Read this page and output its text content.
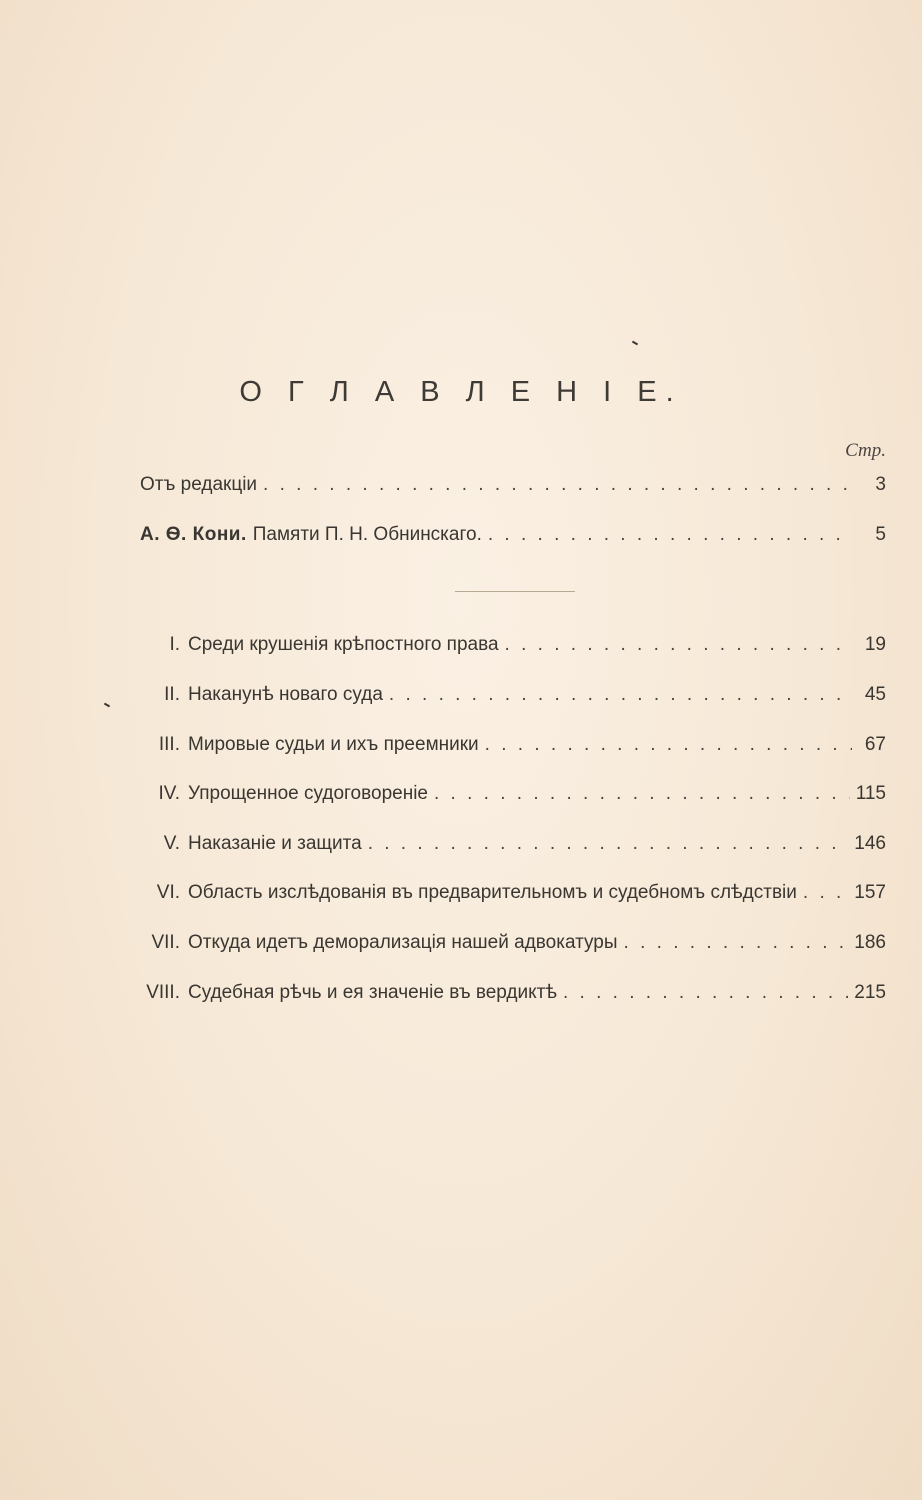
О Г Л А В Л Е Н І Е.
Стр.
Отъ редакціи . . .	3
А. Ѳ. Кони. Памяти П. Н. Обнинскаго. . . .	5
I. Среди крушенія крѣпостного права . . .	19
II. Наканунѣ новаго суда . . .	45
III. Мировые судьи и ихъ преемники . . .	67
IV. Упрощенное судоговореніе . . .	115
V. Наказаніе и защита . . .	146
VI. Область изслѣдованія въ предварительномъ и судебномъ слѣдствіи . . .	157
VII. Откуда идетъ деморализація нашей адвокатуры . . .	186
VIII. Судебная рѣчь и ея значеніе въ вердиктѣ . . .	215
